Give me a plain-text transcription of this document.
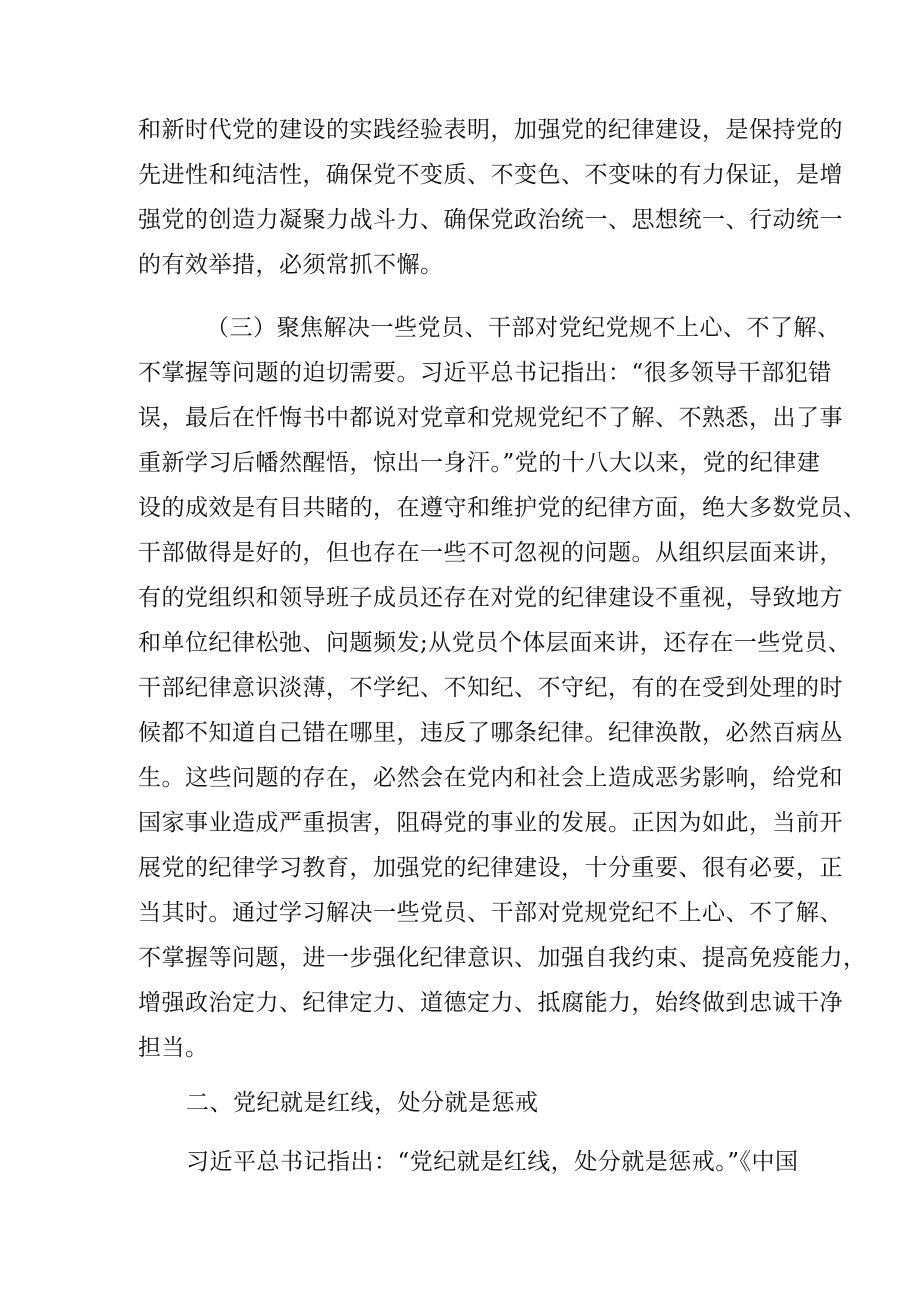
和新时代党的建设的实践经验表明，加强党的纪律建设，是保持党的
先进性和纯洁性，确保党不变质、不变色、不变味的有力保证，是增
强党的创造力凝聚力战斗力、确保党政治统一、思想统一、行动统一
的有效举措，必须常抓不懈。
（三）聚焦解决一些党员、干部对党纪党规不上心、不了解、
不掌握等问题的迫切需要。习近平总书记指出：“很多领导干部犯错
误，最后在忏悔书中都说对党章和党规党纪不了解、不熟悉，出了事
重新学习后幡然醒悟，惊出一身汗。”党的十八大以来，党的纪律建
设的成效是有目共睹的，在遵守和维护党的纪律方面，绝大多数党员、
干部做得是好的，但也存在一些不可忽视的问题。从组织层面来讲，
有的党组织和领导班子成员还存在对党的纪律建设不重视，导致地方
和单位纪律松弛、问题频发;从党员个体层面来讲，还存在一些党员、
干部纪律意识淡薄，不学纪、不知纪、不守纪，有的在受到处理的时
候都不知道自己错在哪里，违反了哪条纪律。纪律涣散，必然百病丛
生。这些问题的存在，必然会在党内和社会上造成恶劣影响，给党和
国家事业造成严重损害，阻碍党的事业的发展。正因为如此，当前开
展党的纪律学习教育，加强党的纪律建设，十分重要、很有必要，正
当其时。通过学习解决一些党员、干部对党规党纪不上心、不了解、
不掌握等问题，进一步强化纪律意识、加强自我约束、提高免疫能力，
增强政治定力、纪律定力、道德定力、抵腐能力，始终做到忠诚干净
担当。
二、党纪就是红线，处分就是惩戒
习近平总书记指出：“党纪就是红线，处分就是惩戒。”《中国
